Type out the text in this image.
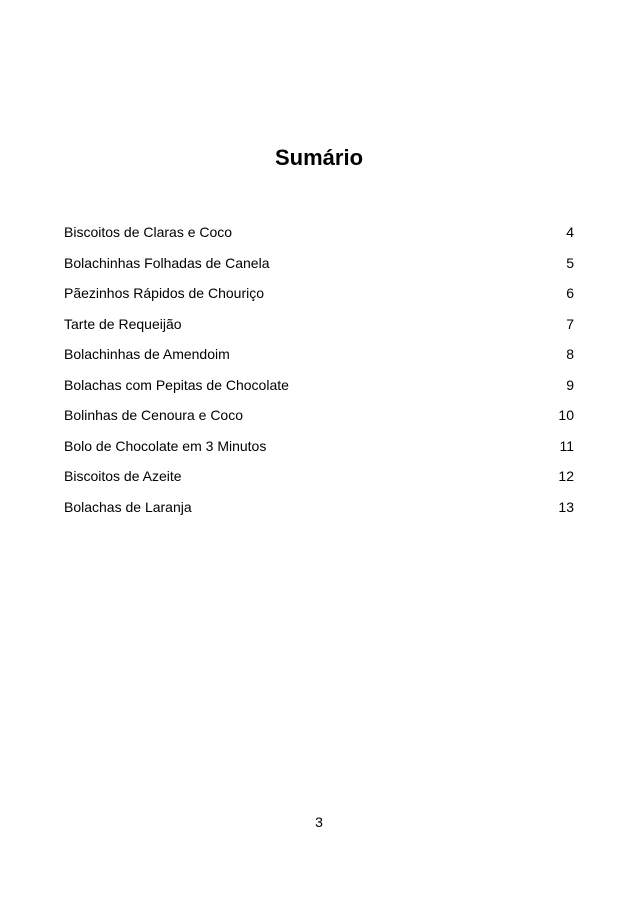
Sumário
Biscoitos de Claras e Coco	4
Bolachinhas Folhadas de Canela	5
Pãezinhos Rápidos de Chouriço	6
Tarte de Requeijão	7
Bolachinhas de Amendoim	8
Bolachas com Pepitas de Chocolate	9
Bolinhas de Cenoura e Coco	10
Bolo de Chocolate em 3 Minutos	11
Biscoitos de Azeite	12
Bolachas de Laranja	13
3
